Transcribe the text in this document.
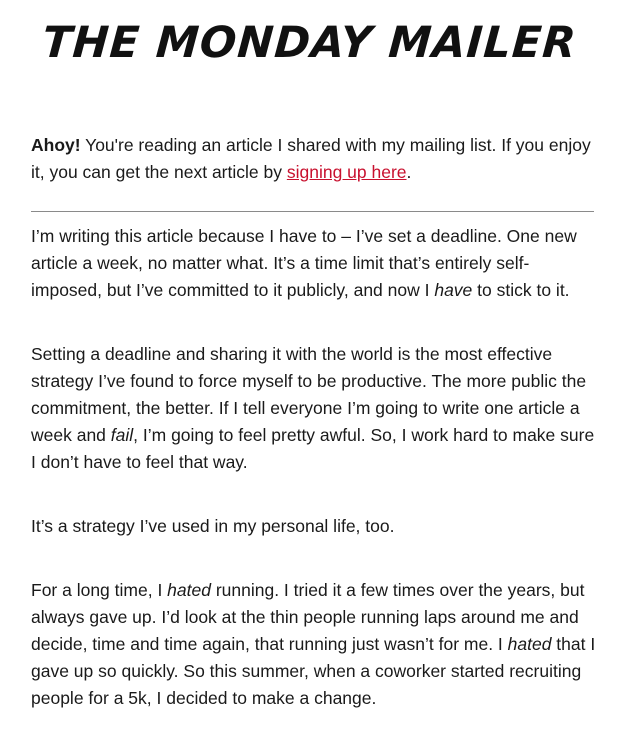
THE MONDAY MAILER

Ahoy! You're reading an article I shared with my mailing list. If you enjoy it, you can get the next article by signing up here.

I’m writing this article because I have to – I’ve set a deadline. One new article a week, no matter what. It’s a time limit that’s entirely self-imposed, but I’ve committed to it publicly, and now I have to stick to it.

Setting a deadline and sharing it with the world is the most effective strategy I’ve found to force myself to be productive. The more public the commitment, the better. If I tell everyone I’m going to write one article a week and fail, I’m going to feel pretty awful. So, I work hard to make sure I don’t have to feel that way.

It’s a strategy I’ve used in my personal life, too.

For a long time, I hated running. I tried it a few times over the years, but always gave up. I’d look at the thin people running laps around me and decide, time and time again, that running just wasn’t for me. I hated that I gave up so quickly. So this summer, when a coworker started recruiting people for a 5k, I decided to make a change.
